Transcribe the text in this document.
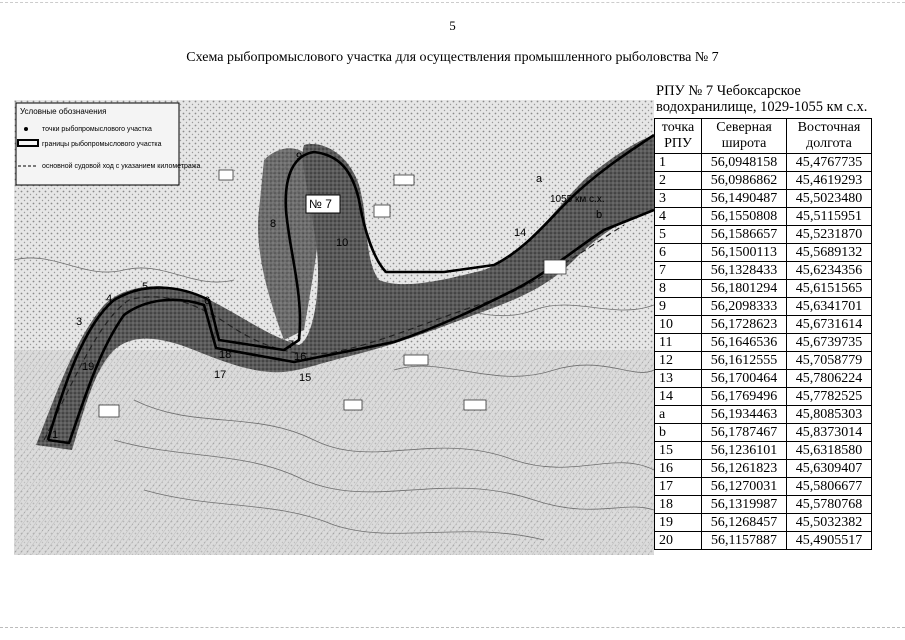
5
Схема рыбопромыслового участка для осуществления промышленного рыболовства № 7
1
3
4
5
6
7
8
9
10
14
15
16
18
17
19
a
b
№ 7	1055 км с.х.
Условные обозначения
точки рыбопромыслового участка
границы рыбопромыслового участка
основной судовой ход с указанием километража
РПУ № 7 Чебоксарское
водохранилище, 1029-1055 км с.х.
точка РПУ	Северная широта	Восточная долгота
1	56,0948158	45,4767735
2	56,0986862	45,4619293
3	56,1490487	45,5023480
4	56,1550808	45,5115951
5	56,1586657	45,5231870
6	56,1500113	45,5689132
7	56,1328433	45,6234356
8	56,1801294	45,6151565
9	56,2098333	45,6341701
10	56,1728623	45,6731614
11	56,1646536	45,6739735
12	56,1612555	45,7058779
13	56,1700464	45,7806224
14	56,1769496	45,7782525
a	56,1934463	45,8085303
b	56,1787467	45,8373014
15	56,1236101	45,6318580
16	56,1261823	45,6309407
17	56,1270031	45,5806677
18	56,1319987	45,5780768
19	56,1268457	45,5032382
20	56,1157887	45,4905517
